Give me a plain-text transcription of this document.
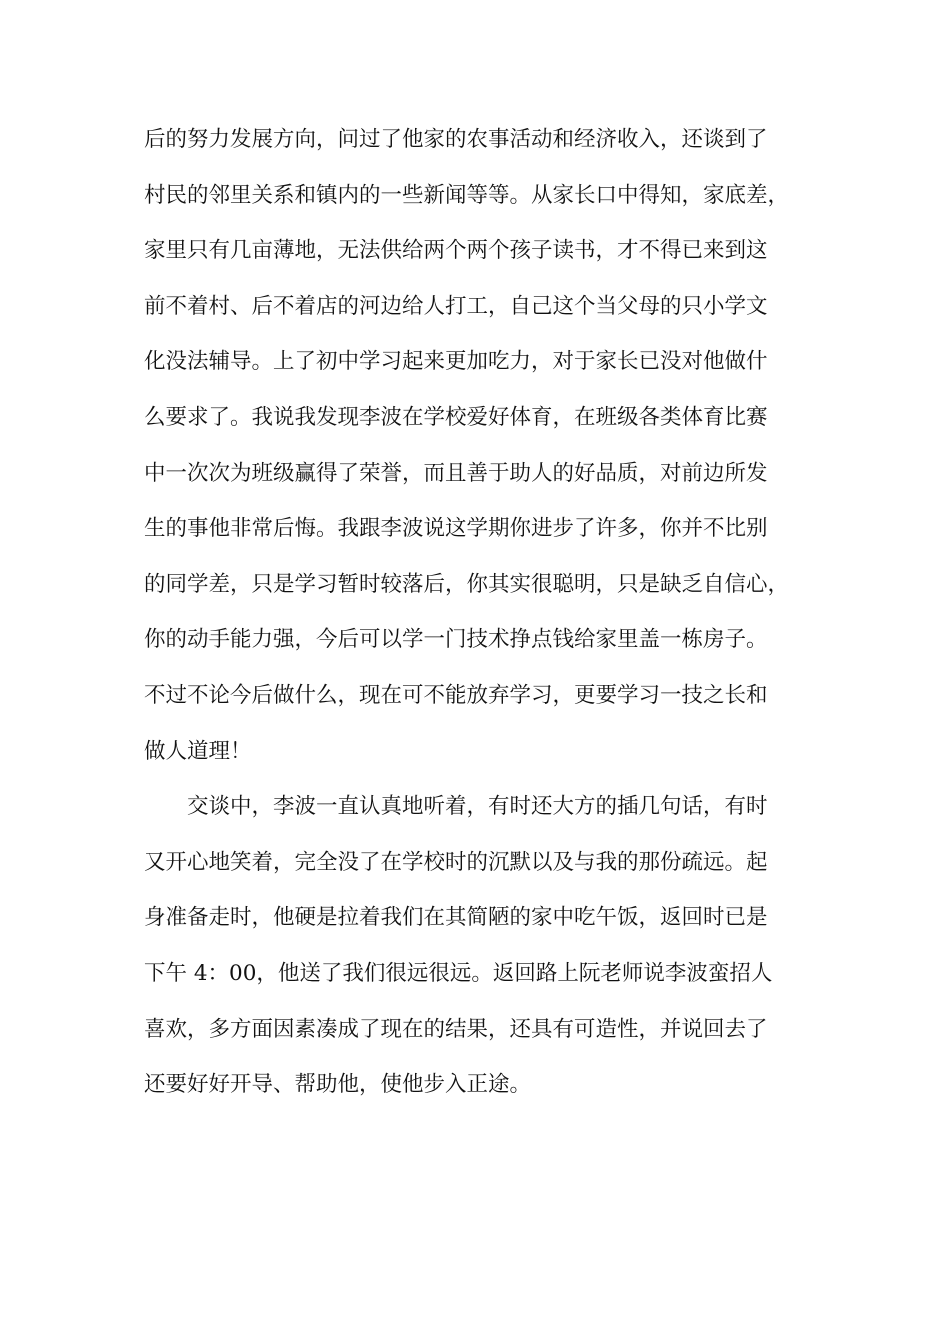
后的努力发展方向，问过了他家的农事活动和经济收入，还谈到了
村民的邻里关系和镇内的一些新闻等等。从家长口中得知，家底差，
家里只有几亩薄地，无法供给两个两个孩子读书，才不得已来到这
前不着村、后不着店的河边给人打工，自己这个当父母的只小学文
化没法辅导。上了初中学习起来更加吃力，对于家长已没对他做什
么要求了。我说我发现李波在学校爱好体育，在班级各类体育比赛
中一次次为班级赢得了荣誉，而且善于助人的好品质，对前边所发
生的事他非常后悔。我跟李波说这学期你进步了许多，你并不比别
的同学差，只是学习暂时较落后，你其实很聪明，只是缺乏自信心，
你的动手能力强，今后可以学一门技术挣点钱给家里盖一栋房子。
不过不论今后做什么，现在可不能放弃学习，更要学习一技之长和
做人道理！
交谈中，李波一直认真地听着，有时还大方的插几句话，有时
又开心地笑着，完全没了在学校时的沉默以及与我的那份疏远。起
身准备走时，他硬是拉着我们在其简陋的家中吃午饭，返回时已是
下午 4：00，他送了我们很远很远。返回路上阮老师说李波蛮招人
喜欢，多方面因素凑成了现在的结果，还具有可造性，并说回去了
还要好好开导、帮助他，使他步入正途。
